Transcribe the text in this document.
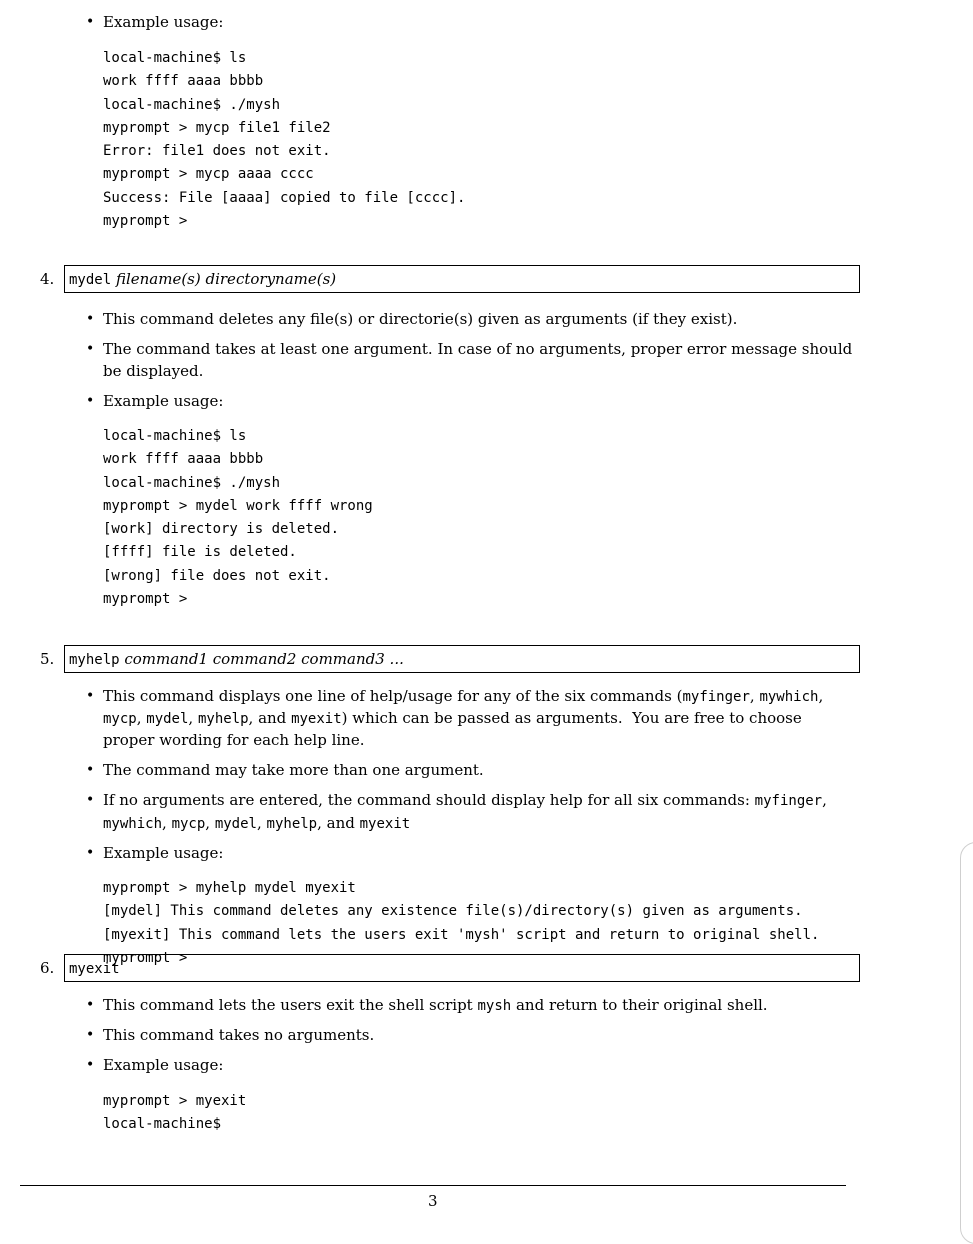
• Example usage:
local-machine$ ls
work ffff aaaa bbbb
local-machine$ ./mysh
myprompt > mycp file1 file2
Error: file1 does not exit.
myprompt > mycp aaaa cccc
Success: File [aaaa] copied to file [cccc].
myprompt >
4.	mydel filename(s) directoryname(s)
• This command deletes any file(s) or directorie(s) given as arguments (if they exist).
• The command takes at least one argument. In case of no arguments, proper error message should
be displayed.
• Example usage:
local-machine$ ls
work ffff aaaa bbbb
local-machine$ ./mysh
myprompt > mydel work ffff wrong
[work] directory is deleted.
[ffff] file is deleted.
[wrong] file does not exit.
myprompt >
5.	myhelp command1 command2 command3 ...
• This command displays one line of help/usage for any of the six commands (myfinger, mywhich,
mycp, mydel, myhelp, and myexit) which can be passed as arguments.  You are free to choose
proper wording for each help line.
• The command may take more than one argument.
• If no arguments are entered, the command should display help for all six commands: myfinger,
mywhich, mycp, mydel, myhelp, and myexit
• Example usage:
myprompt > myhelp mydel myexit
[mydel] This command deletes any existence file(s)/directory(s) given as arguments.
[myexit] This command lets the users exit 'mysh' script and return to original shell.
myprompt >
6.	myexit
• This command lets the users exit the shell script mysh and return to their original shell.
• This command takes no arguments.
• Example usage:
myprompt > myexit
local-machine$
3
